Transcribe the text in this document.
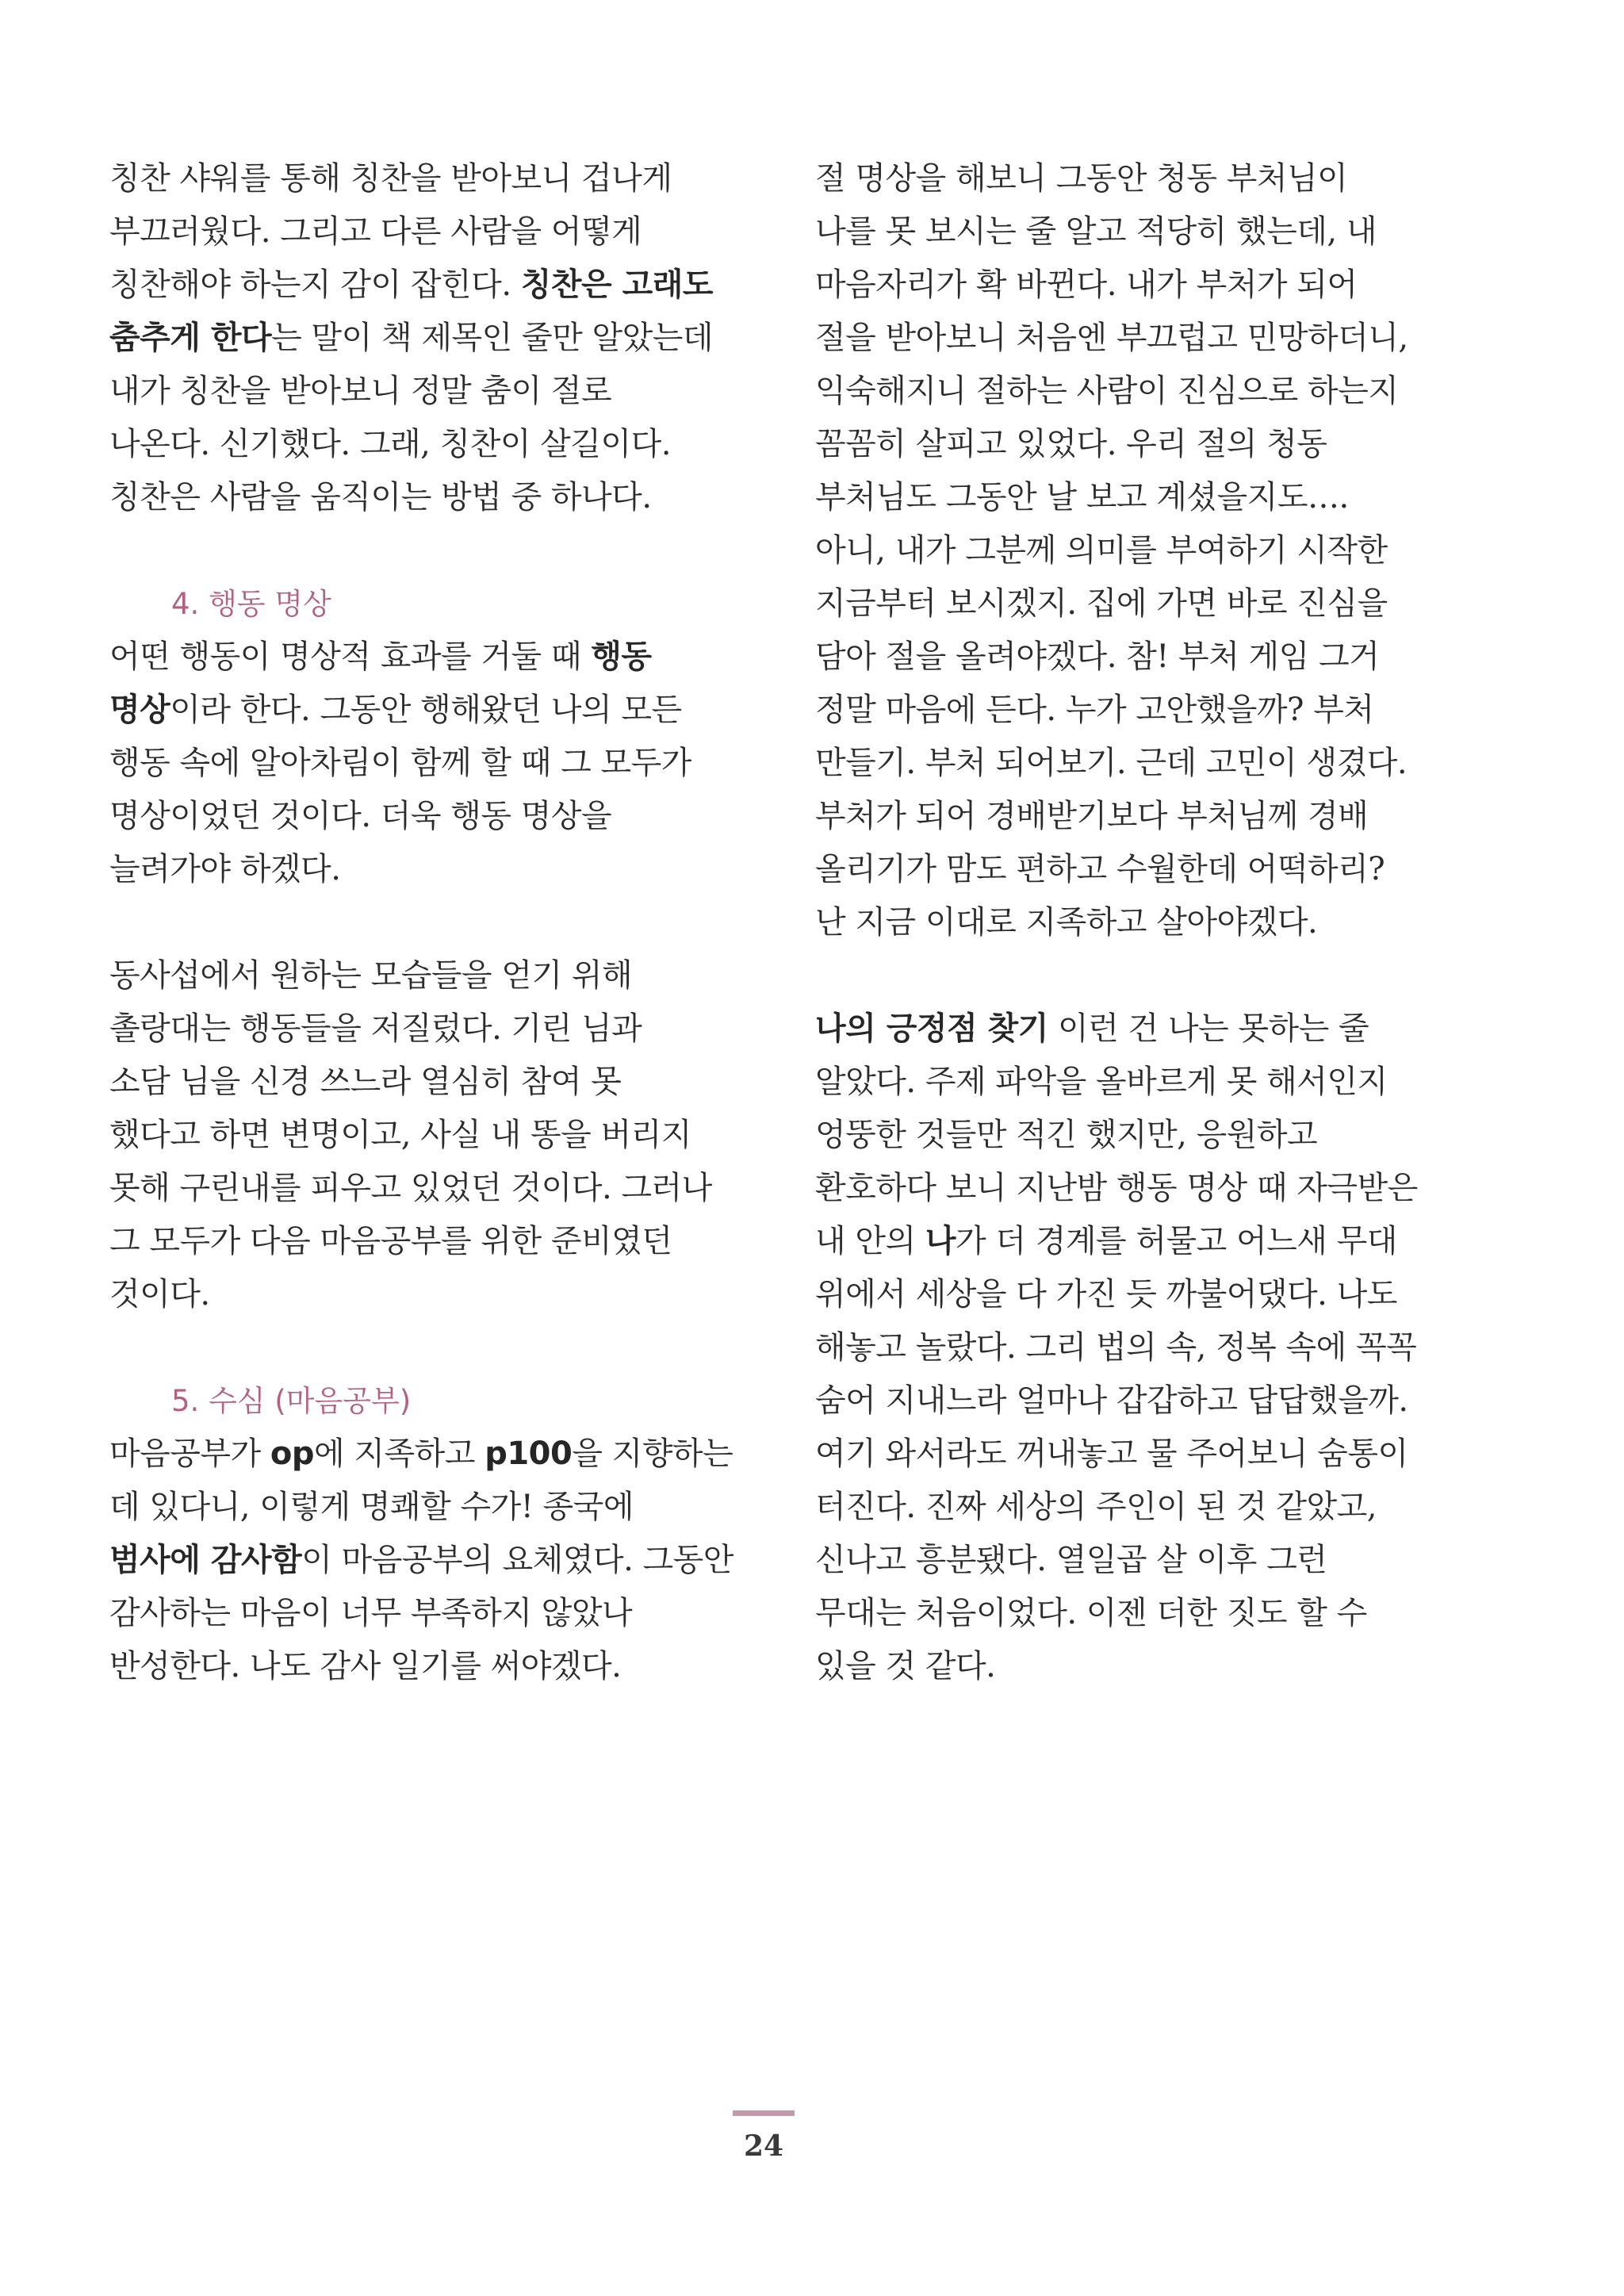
칭찬 샤워를 통해 칭찬을 받아보니 겁나게
부끄러웠다. 그리고 다른 사람을 어떻게
칭찬해야 하는지 감이 잡힌다. 칭찬은 고래도
춤추게 한다는 말이 책 제목인 줄만 알았는데
내가 칭찬을 받아보니 정말 춤이 절로
나온다. 신기했다. 그래, 칭찬이 살길이다.
칭찬은 사람을 움직이는 방법 중 하나다.
4. 행동 명상
어떤 행동이 명상적 효과를 거둘 때 행동
명상이라 한다. 그동안 행해왔던 나의 모든
행동 속에 알아차림이 함께 할 때 그 모두가
명상이었던 것이다. 더욱 행동 명상을
늘려가야 하겠다.
동사섭에서 원하는 모습들을 얻기 위해
촐랑대는 행동들을 저질렀다. 기린 님과
소담 님을 신경 쓰느라 열심히 참여 못
했다고 하면 변명이고, 사실 내 똥을 버리지
못해 구린내를 피우고 있었던 것이다. 그러나
그 모두가 다음 마음공부를 위한 준비였던
것이다.
5. 수심 (마음공부)
마음공부가 op에 지족하고 p100을 지향하는
데 있다니, 이렇게 명쾌할 수가! 종국에
범사에 감사함이 마음공부의 요체였다. 그동안
감사하는 마음이 너무 부족하지 않았나
반성한다. 나도 감사 일기를 써야겠다.
절 명상을 해보니 그동안 청동 부처님이
나를 못 보시는 줄 알고 적당히 했는데, 내
마음자리가 확 바뀐다. 내가 부처가 되어
절을 받아보니 처음엔 부끄럽고 민망하더니,
익숙해지니 절하는 사람이 진심으로 하는지
꼼꼼히 살피고 있었다. 우리 절의 청동
부처님도 그동안 날 보고 계셨을지도….
아니, 내가 그분께 의미를 부여하기 시작한
지금부터 보시겠지. 집에 가면 바로 진심을
담아 절을 올려야겠다. 참! 부처 게임 그거
정말 마음에 든다. 누가 고안했을까? 부처
만들기. 부처 되어보기. 근데 고민이 생겼다.
부처가 되어 경배받기보다 부처님께 경배
올리기가 맘도 편하고 수월한데 어떡하리?
난 지금 이대로 지족하고 살아야겠다.
나의 긍정점 찾기 이런 건 나는 못하는 줄
알았다. 주제 파악을 올바르게 못 해서인지
엉뚱한 것들만 적긴 했지만, 응원하고
환호하다 보니 지난밤 행동 명상 때 자극받은
내 안의 나가 더 경계를 허물고 어느새 무대
위에서 세상을 다 가진 듯 까불어댔다. 나도
해놓고 놀랐다. 그리 법의 속, 정복 속에 꼭꼭
숨어 지내느라 얼마나 갑갑하고 답답했을까.
여기 와서라도 꺼내놓고 물 주어보니 숨통이
터진다. 진짜 세상의 주인이 된 것 같았고,
신나고 흥분됐다. 열일곱 살 이후 그런
무대는 처음이었다. 이젠 더한 짓도 할 수
있을 것 같다.
24
